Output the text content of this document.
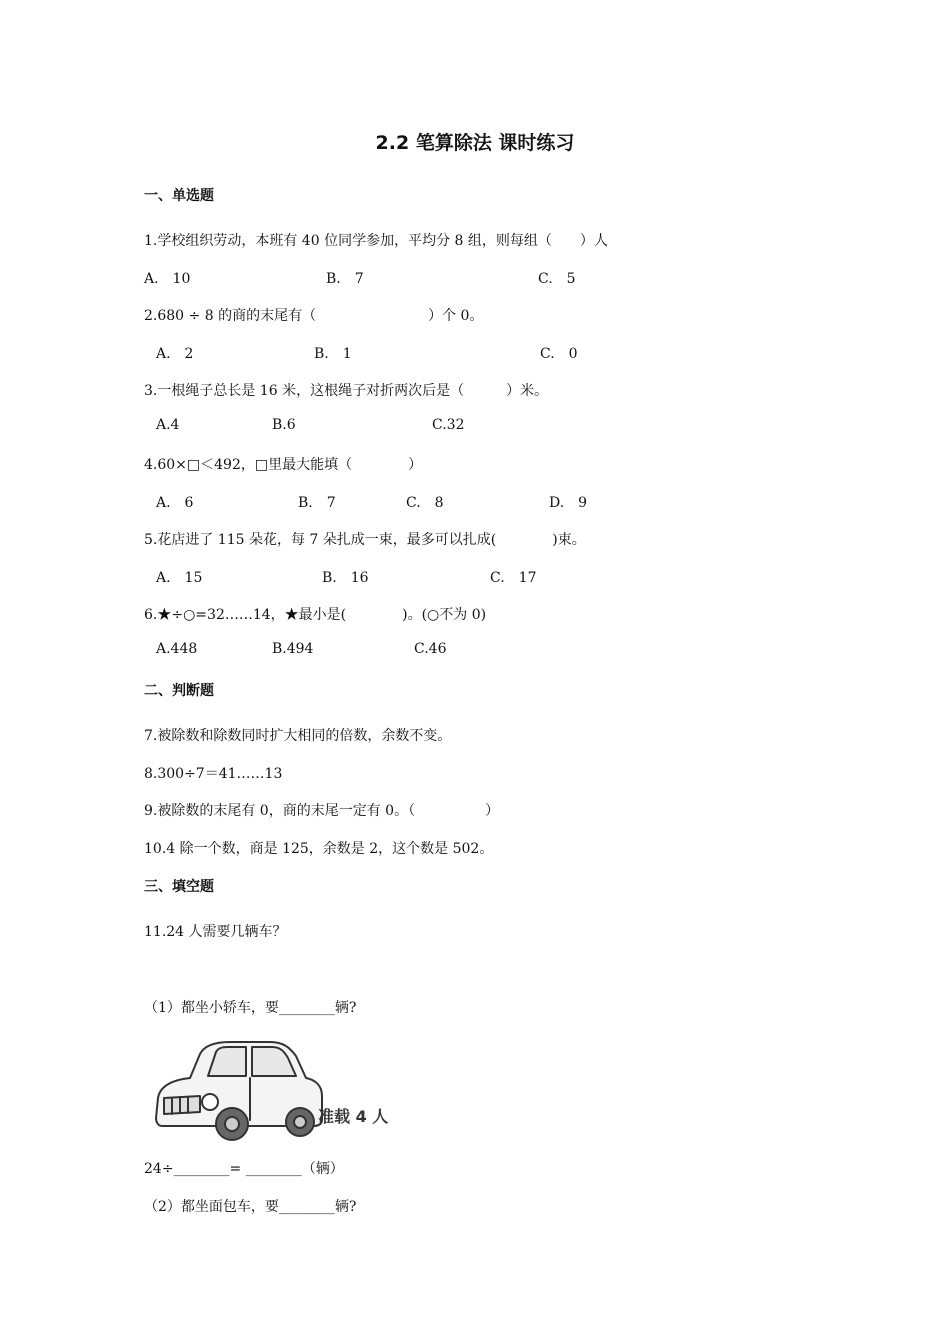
2.2 笔算除法 课时练习
一、单选题
1.学校组织劳动，本班有 40 位同学参加，平均分 8 组，则每组（　　）人
A.　10	B.　7	C.　5
2.680 ÷ 8 的商的末尾有（　　　　　　　　）个 0。
A.　2	B.　1	C.　0
3.一根绳子总长是 16 米，这根绳子对折两次后是（　　　）米。
A.4	B.6	C.32
4.60×□＜492，□里最大能填（　　　　）
A.　6	B.　7	C.　8	D.　9
5.花店进了 115 朵花，每 7 朵扎成一束，最多可以扎成(　　　　)束。
A.　15	B.　16	C.　17
6.★÷○=32……14，★最小是(　　　　)。(○不为 0)
A.448	B.494	C.46
二、判断题
7.被除数和除数同时扩大相同的倍数，余数不变。
8.300÷7＝41……13
9.被除数的末尾有 0，商的末尾一定有 0。（　　　　　）
10.4 除一个数，商是 125，余数是 2，这个数是 502。
三、填空题
11.24 人需要几辆车？
（1）都坐小轿车，要________辆?
准载 4 人
24÷________= ________（辆）
（2）都坐面包车，要________辆?
